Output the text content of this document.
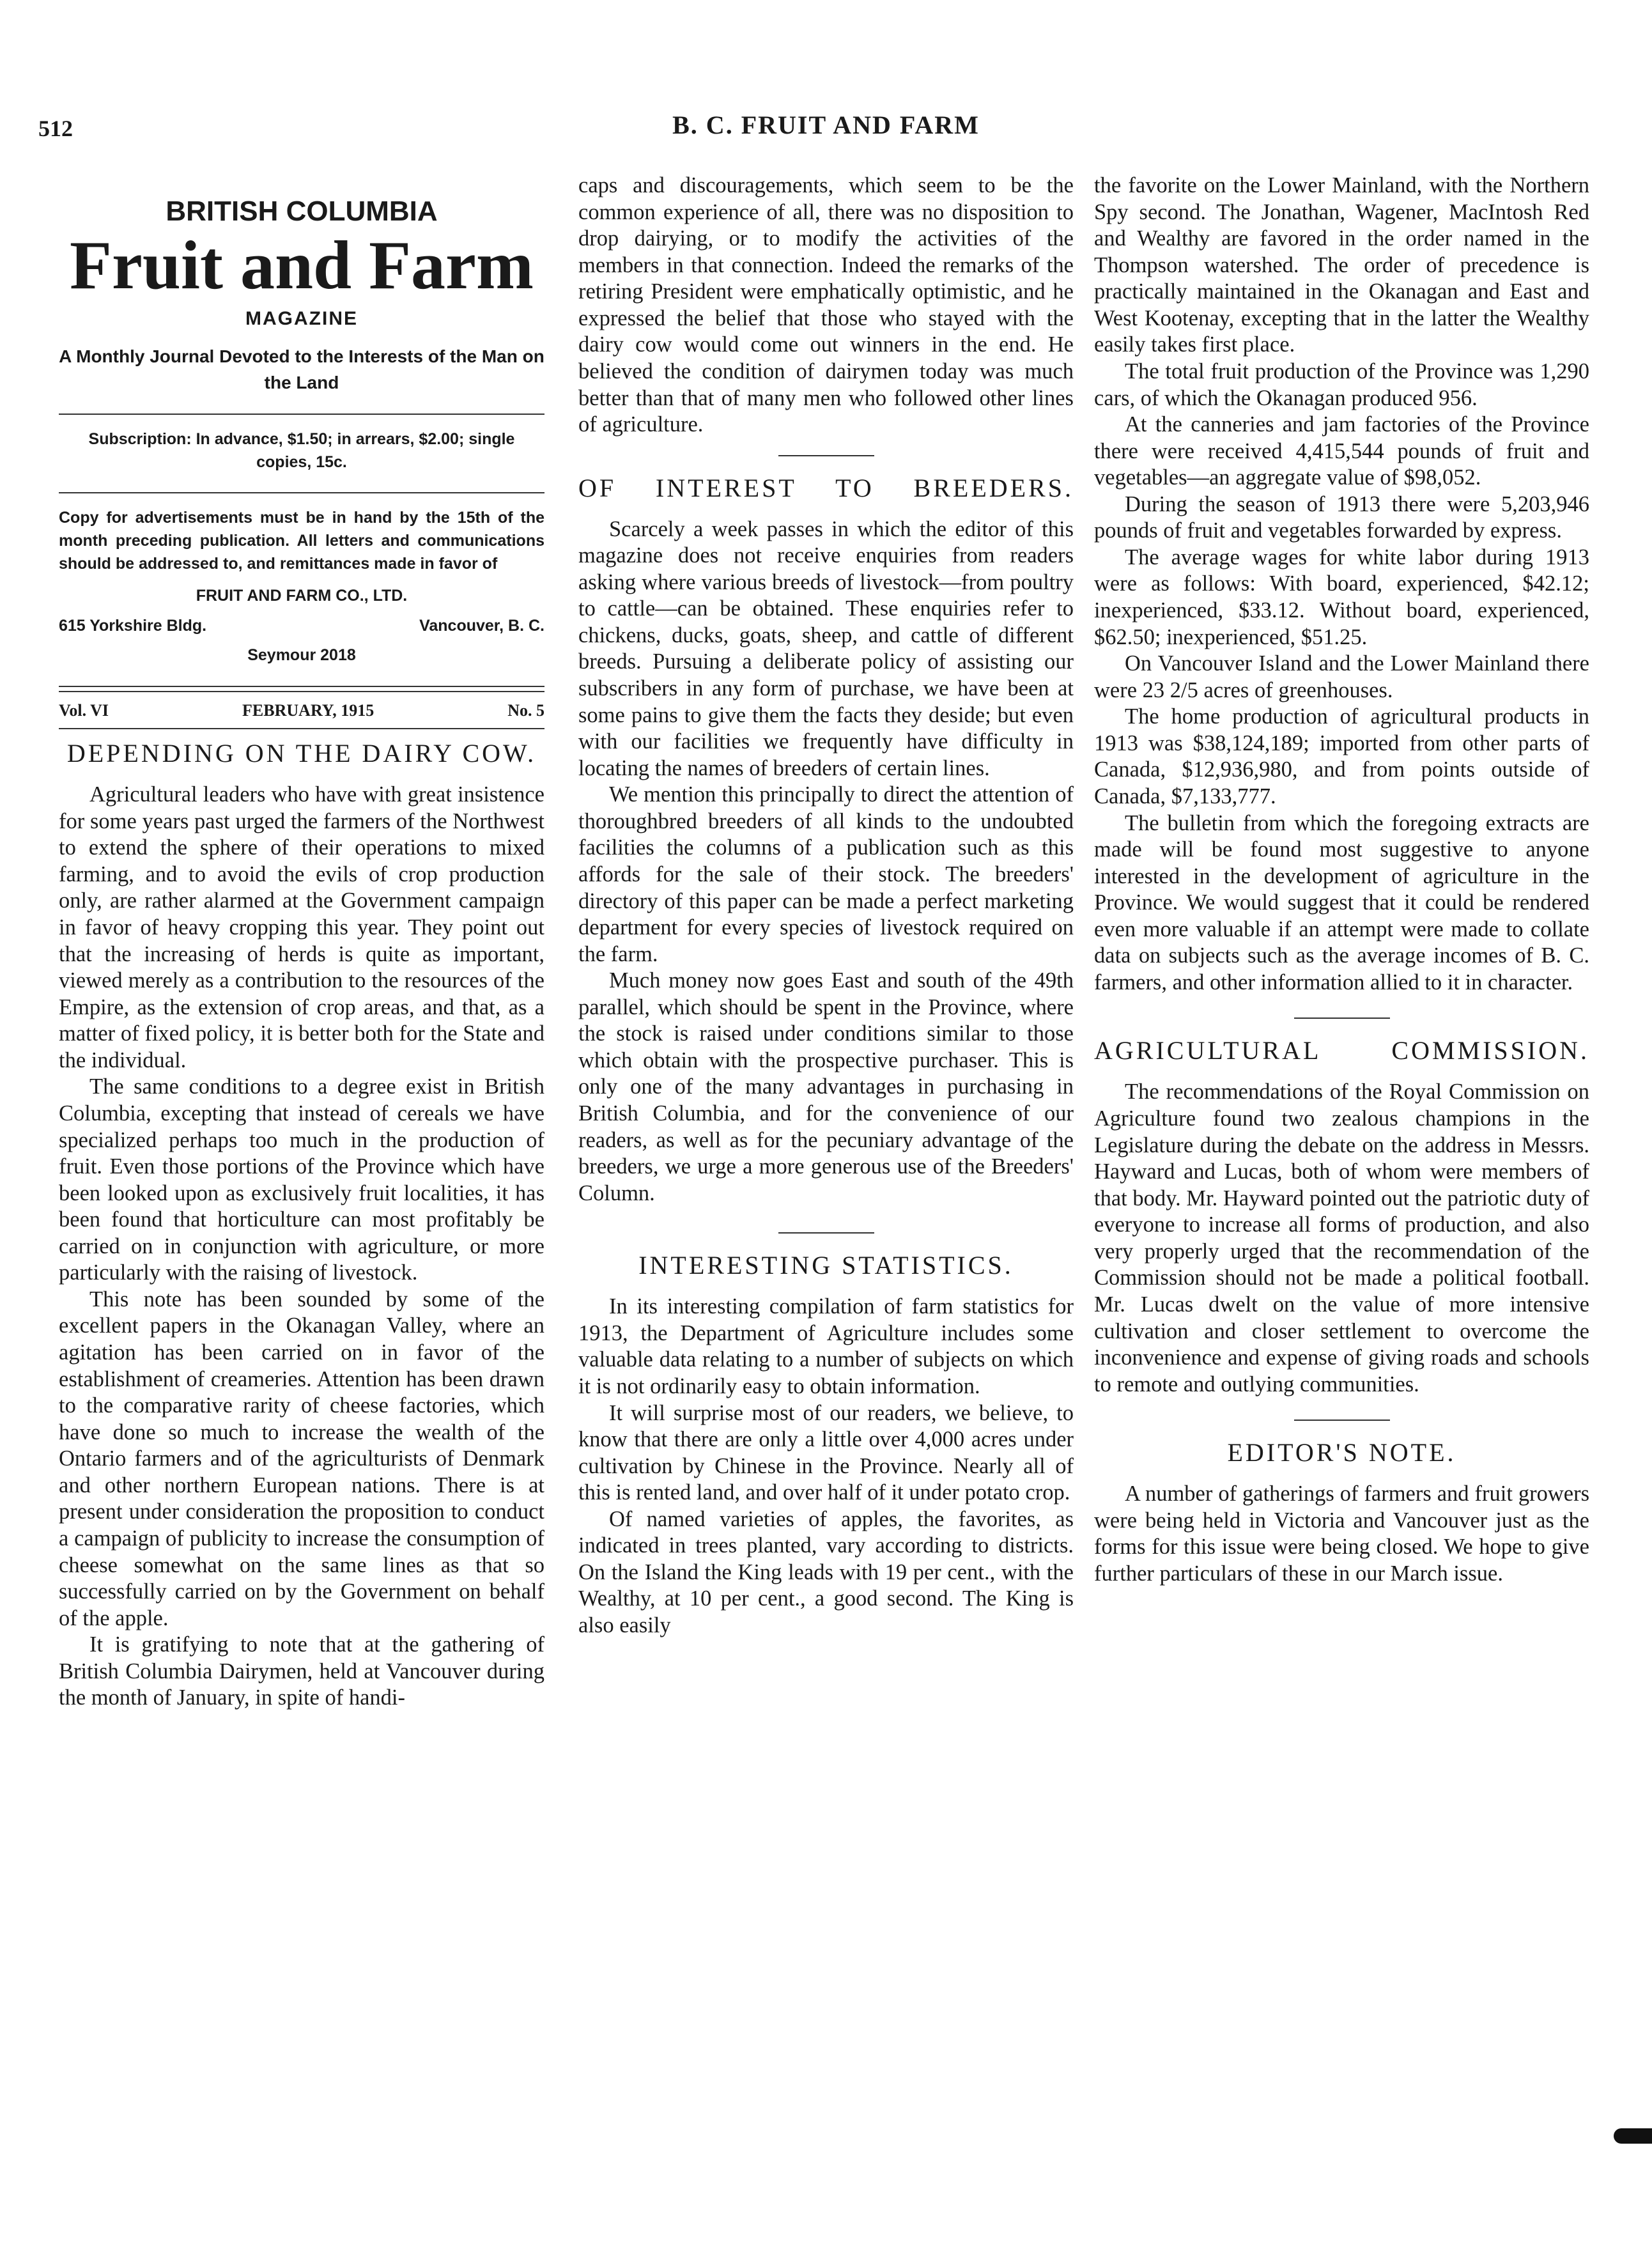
512	B. C. FRUIT AND FARM
BRITISH COLUMBIA
Fruit and Farm
MAGAZINE
A Monthly Journal Devoted to the Interests of the Man on the Land
Subscription: In advance, $1.50; in arrears, $2.00; single copies, 15c.
Copy for advertisements must be in hand by the 15th of the month preceding publication. All letters and communications should be addressed to, and remittances made in favor of
FRUIT AND FARM CO., LTD.
615 Yorkshire Bldg.	Vancouver, B. C.
Seymour 2018
Vol. VI	FEBRUARY, 1915	No. 5
DEPENDING ON THE DAIRY COW.

Agricultural leaders who have with great insistence for some years past urged the farmers of the Northwest to extend the sphere of their operations to mixed farming, and to avoid the evils of crop production only, are rather alarmed at the Government campaign in favor of heavy cropping this year. They point out that the increasing of herds is quite as important, viewed merely as a contribution to the resources of the Empire, as the extension of crop areas, and that, as a matter of fixed policy, it is better both for the State and the individual.

The same conditions to a degree exist in British Columbia, excepting that instead of cereals we have specialized perhaps too much in the production of fruit. Even those portions of the Province which have been looked upon as exclusively fruit localities, it has been found that horticulture can most profitably be carried on in conjunction with agriculture, or more particularly with the raising of livestock.

This note has been sounded by some of the excellent papers in the Okanagan Valley, where an agitation has been carried on in favor of the establishment of creameries. Attention has been drawn to the comparative rarity of cheese factories, which have done so much to increase the wealth of the Ontario farmers and of the agriculturists of Denmark and other northern European nations. There is at present under consideration the proposition to conduct a campaign of publicity to increase the consumption of cheese somewhat on the same lines as that so successfully carried on by the Government on behalf of the apple.

It is gratifying to note that at the gathering of British Columbia Dairymen, held at Vancouver during the month of January, in spite of handi-

caps and discouragements, which seem to be the common experience of all, there was no disposition to drop dairying, or to modify the activities of the members in that connection. Indeed the remarks of the retiring President were emphatically optimistic, and he expressed the belief that those who stayed with the dairy cow would come out winners in the end. He believed the condition of dairymen today was much better than that of many men who followed other lines of agriculture.

OF INTEREST TO BREEDERS.

Scarcely a week passes in which the editor of this magazine does not receive enquiries from readers asking where various breeds of livestock—from poultry to cattle—can be obtained. These enquiries refer to chickens, ducks, goats, sheep, and cattle of different breeds. Pursuing a deliberate policy of assisting our subscribers in any form of purchase, we have been at some pains to give them the facts they deside; but even with our facilities we frequently have difficulty in locating the names of breeders of certain lines.

We mention this principally to direct the attention of thoroughbred breeders of all kinds to the undoubted facilities the columns of a publication such as this affords for the sale of their stock. The breeders' directory of this paper can be made a perfect marketing department for every species of livestock required on the farm.

Much money now goes East and south of the 49th parallel, which should be spent in the Province, where the stock is raised under conditions similar to those which obtain with the prospective purchaser. This is only one of the many advantages in purchasing in British Columbia, and for the convenience of our readers, as well as for the pecuniary advantage of the breeders, we urge a more generous use of the Breeders' Column.

INTERESTING STATISTICS.

In its interesting compilation of farm statistics for 1913, the Department of Agriculture includes some valuable data relating to a number of subjects on which it is not ordinarily easy to obtain information.

It will surprise most of our readers, we believe, to know that there are only a little over 4,000 acres under cultivation by Chinese in the Province. Nearly all of this is rented land, and over half of it under potato crop.

Of named varieties of apples, the favorites, as indicated in trees planted, vary according to districts. On the Island the King leads with 19 per cent., with the Wealthy, at 10 per cent., a good second. The King is also easily

the favorite on the Lower Mainland, with the Northern Spy second. The Jonathan, Wagener, MacIntosh Red and Wealthy are favored in the order named in the Thompson watershed. The order of precedence is practically maintained in the Okanagan and East and West Kootenay, excepting that in the latter the Wealthy easily takes first place.

The total fruit production of the Province was 1,290 cars, of which the Okanagan produced 956.

At the canneries and jam factories of the Province there were received 4,415,544 pounds of fruit and vegetables—an aggregate value of $98,052.

During the season of 1913 there were 5,203,946 pounds of fruit and vegetables forwarded by express.

The average wages for white labor during 1913 were as follows: With board, experienced, $42.12; inexperienced, $33.12. Without board, experienced, $62.50; inexperienced, $51.25.

On Vancouver Island and the Lower Mainland there were 23 2/5 acres of greenhouses.

The home production of agricultural products in 1913 was $38,124,189; imported from other parts of Canada, $12,936,980, and from points outside of Canada, $7,133,777.

The bulletin from which the foregoing extracts are made will be found most suggestive to anyone interested in the development of agriculture in the Province. We would suggest that it could be rendered even more valuable if an attempt were made to collate data on subjects such as the average incomes of B. C. farmers, and other information allied to it in character.

AGRICULTURAL COMMISSION.

The recommendations of the Royal Commission on Agriculture found two zealous champions in the Legislature during the debate on the address in Messrs. Hayward and Lucas, both of whom were members of that body. Mr. Hayward pointed out the patriotic duty of everyone to increase all forms of production, and also very properly urged that the recommendation of the Commission should not be made a political football. Mr. Lucas dwelt on the value of more intensive cultivation and closer settlement to overcome the inconvenience and expense of giving roads and schools to remote and outlying communities.

EDITOR'S NOTE.

A number of gatherings of farmers and fruit growers were being held in Victoria and Vancouver just as the forms for this issue were being closed. We hope to give further particulars of these in our March issue.
